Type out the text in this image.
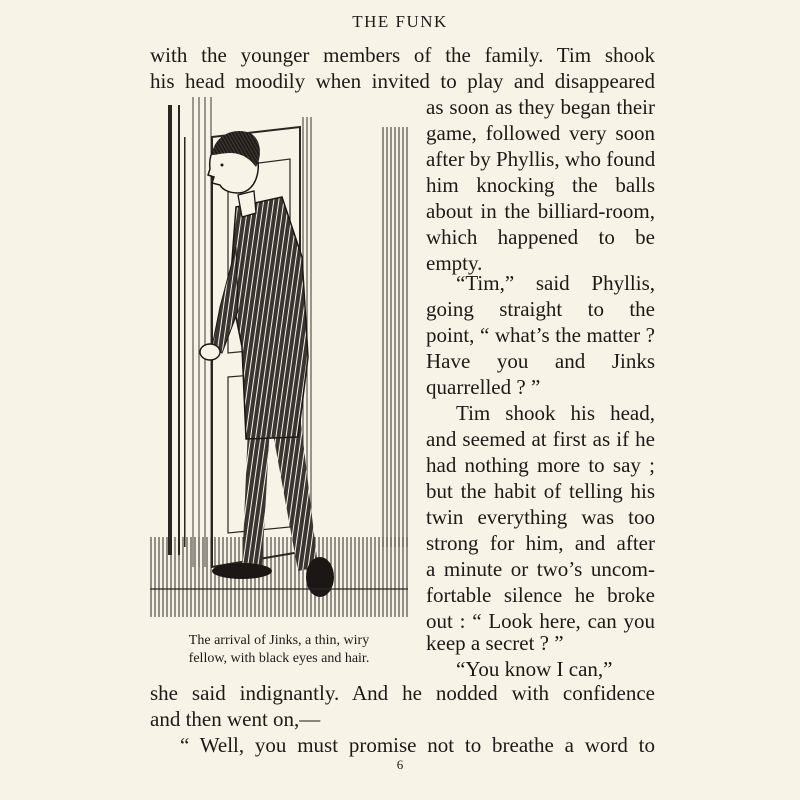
THE FUNK
with the younger members of the family. Tim shook
his head moodily when invited to play and disappeared
as soon as they began their
game, followed very soon
after by Phyllis, who found
him knocking the balls
about in the billiard-room,
which happened to be
empty.
“Tim,” said Phyllis,
going straight to the
point, “ what’s the matter ?
Have you and Jinks
quarrelled ? ”
Tim shook his head,
and seemed at first as if he
had nothing more to say ;
but the habit of telling his
twin everything was too
strong for him, and after
a minute or two’s uncom-
fortable silence he broke
out : “ Look here, can you
keep a secret ? ”
“You know I can,”
she said indignantly. And he nodded with confidence
and then went on,—
“ Well, you must promise not to breathe a word to
The arrival of Jinks, a thin, wiry
fellow, with black eyes and hair.
6
